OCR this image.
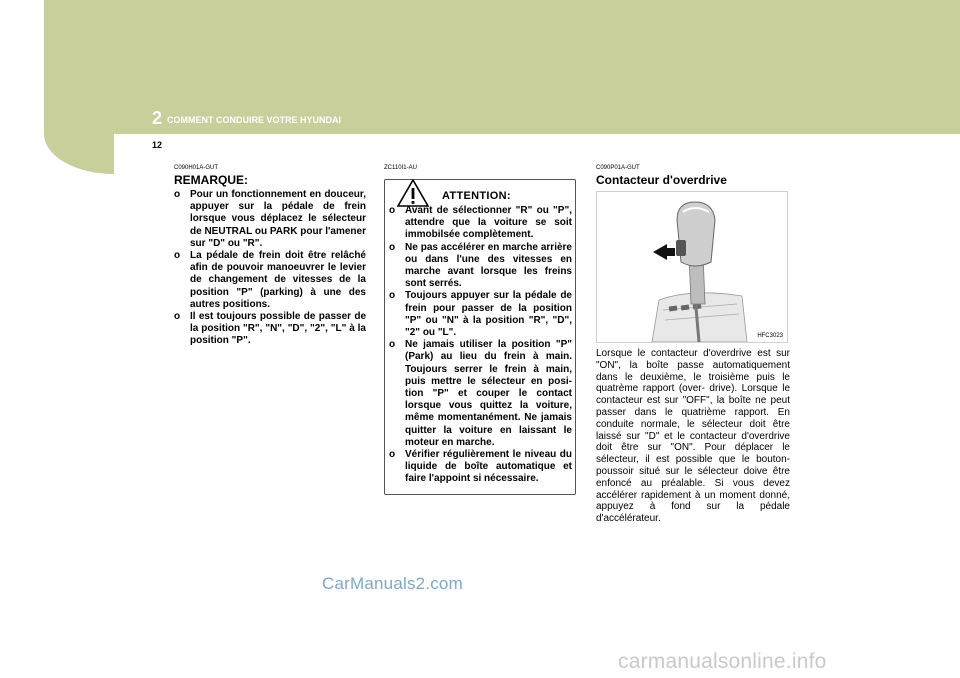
2 COMMENT CONDUIRE VOTRE HYUNDAI
12
C090H01A-GUT
REMARQUE:
o Pour un fonctionnement en douceur, appuyer sur la pédale de frein lorsque vous déplacez le sélecteur de NEUTRAL ou PARK pour l'amener sur "D" ou "R".
o La pédale de frein doit être relâché afin de pouvoir manoeuvrer le levier de changement de vitesses de la position "P" (parking) à une des autres positions.
o Il est toujours possible de passer de la position "R", "N", "D", "2", "L" à la position "P".
ZC110I1-AU
ATTENTION:
o Avant de sélectionner "R" ou "P", attendre que la voiture se soit immobilsée complètement.
o Ne pas accélérer en marche arrière ou dans l'une des vitesses en marche avant lorsque les freins sont serrés.
o Toujours appuyer sur la pédale de frein pour passer de la position "P" ou "N" à la position "R", "D", "2" ou "L".
o Ne jamais utiliser la position "P" (Park) au lieu du frein à main. Toujours serrer le frein à main, puis mettre le sélecteur en posi- tion "P" et couper le contact lorsque vous quittez la voiture, même momentanément. Ne jamais quitter la voiture en laissant le moteur en marche.
o Vérifier régulièrement le niveau du liquide de boîte automatique et faire l'appoint si nécessaire.
C090P01A-GUT
Contacteur d'overdrive
HFC3023
Lorsque le contacteur d'overdrive est sur "ON", la boîte passe automatiquement dans le deuxième, le troisième puis le quatrème rapport (over- drive). Lorsque le contacteur est sur "OFF", la boîte ne peut passer dans le quatrième rapport. En conduite normale, le sélecteur doit être laissé sur "D" et le contacteur d'overdrive doit être sur "ON". Pour déplacer le sélecteur, il est possible que le bouton-poussoir situé sur le sélecteur doive être enfoncé au préalable. Si vous devez accélérer rapidement à un moment donné, appuyez à fond sur la pédale d'accélérateur.
CarManuals2.com
carmanualsonline.info
